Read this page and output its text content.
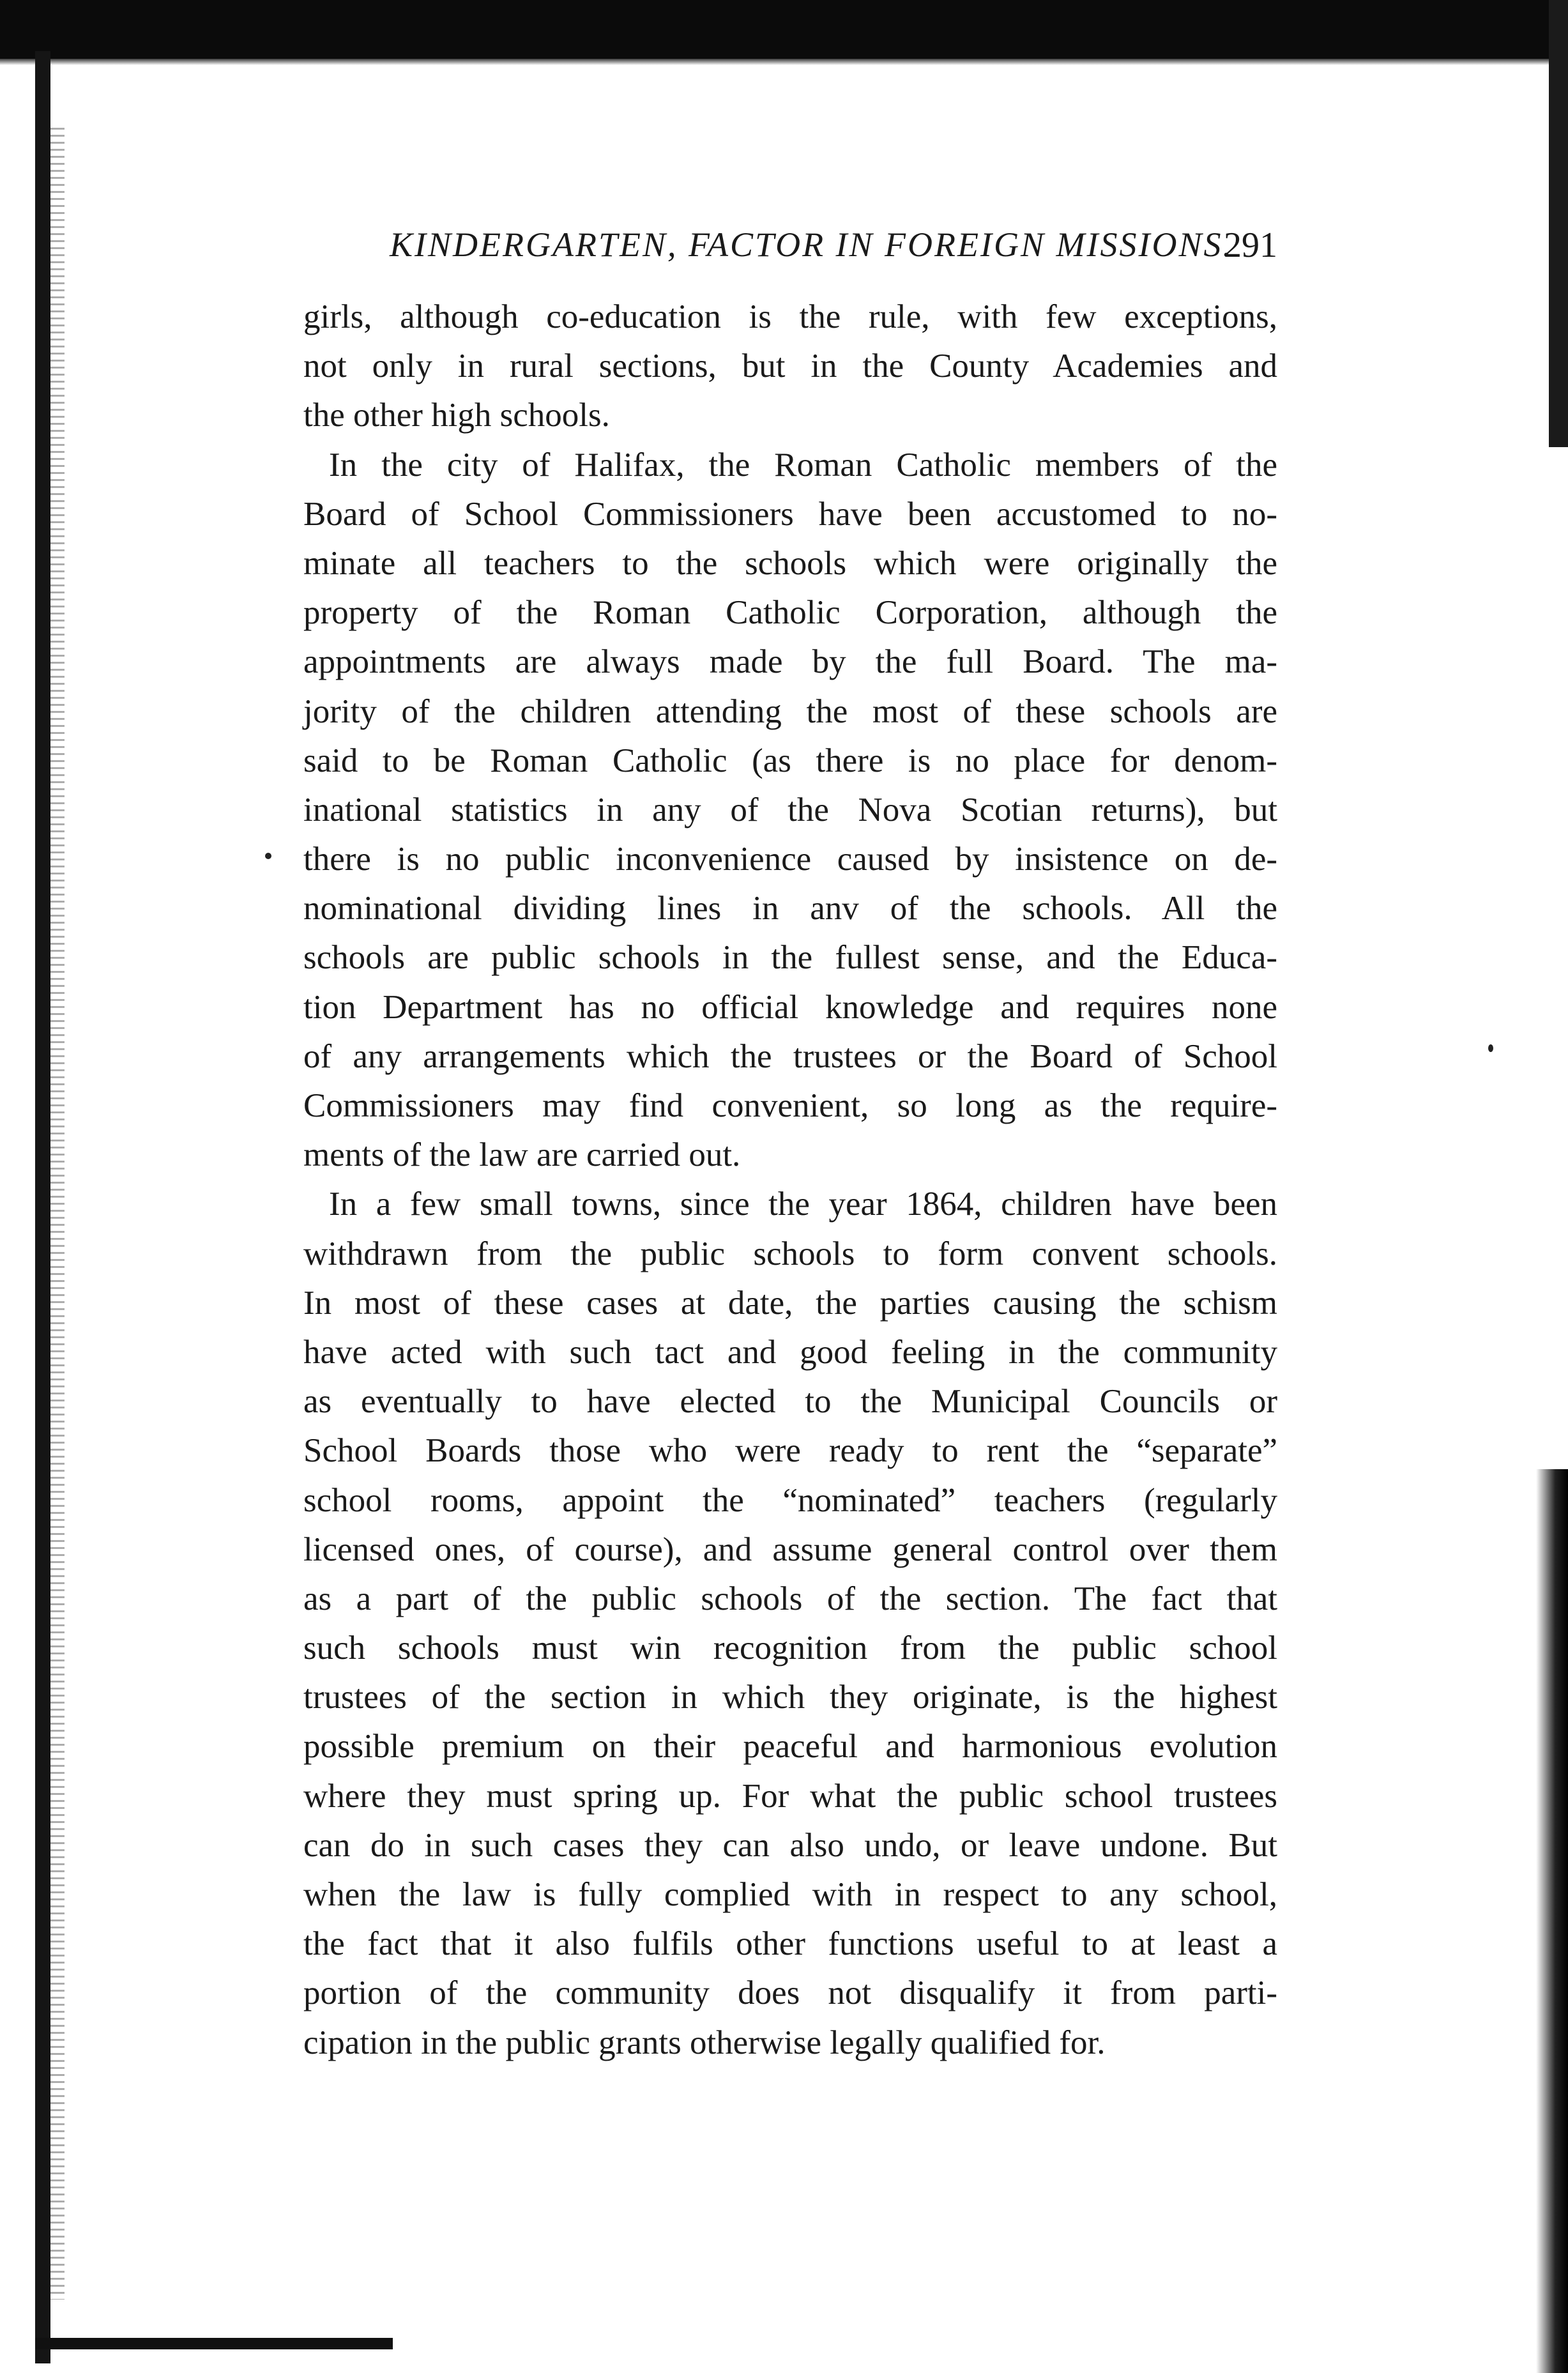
KINDERGARTEN, FACTOR IN FOREIGN MISSIONS.
291
girls, although co-education is the rule, with few exceptions,
not only in rural sections, but in the County Academies and
the other high schools.
In the city of Halifax, the Roman Catholic members of the
Board of School Commissioners have been accustomed to no-
minate all teachers to the schools which were originally the
property of the Roman Catholic Corporation, although the
appointments are always made by the full Board. The ma-
jority of the children attending the most of these schools are
said to be Roman Catholic (as there is no place for denom-
inational statistics in any of the Nova Scotian returns), but
there is no public inconvenience caused by insistence on de-
nominational dividing lines in anv of the schools. All the
schools are public schools in the fullest sense, and the Educa-
tion Department has no official knowledge and requires none
of any arrangements which the trustees or the Board of School
Commissioners may find convenient, so long as the require-
ments of the law are carried out.
In a few small towns, since the year 1864, children have been
withdrawn from the public schools to form convent schools.
In most of these cases at date, the parties causing the schism
have acted with such tact and good feeling in the community
as eventually to have elected to the Municipal Councils or
School Boards those who were ready to rent the “separate”
school rooms, appoint the “nominated” teachers (regularly
licensed ones, of course), and assume general control over them
as a part of the public schools of the section. The fact that
such schools must win recognition from the public school
trustees of the section in which they originate, is the highest
possible premium on their peaceful and harmonious evolution
where they must spring up. For what the public school trustees
can do in such cases they can also undo, or leave undone. But
when the law is fully complied with in respect to any school,
the fact that it also fulfils other functions useful to at least a
portion of the community does not disqualify it from parti-
cipation in the public grants otherwise legally qualified for.
